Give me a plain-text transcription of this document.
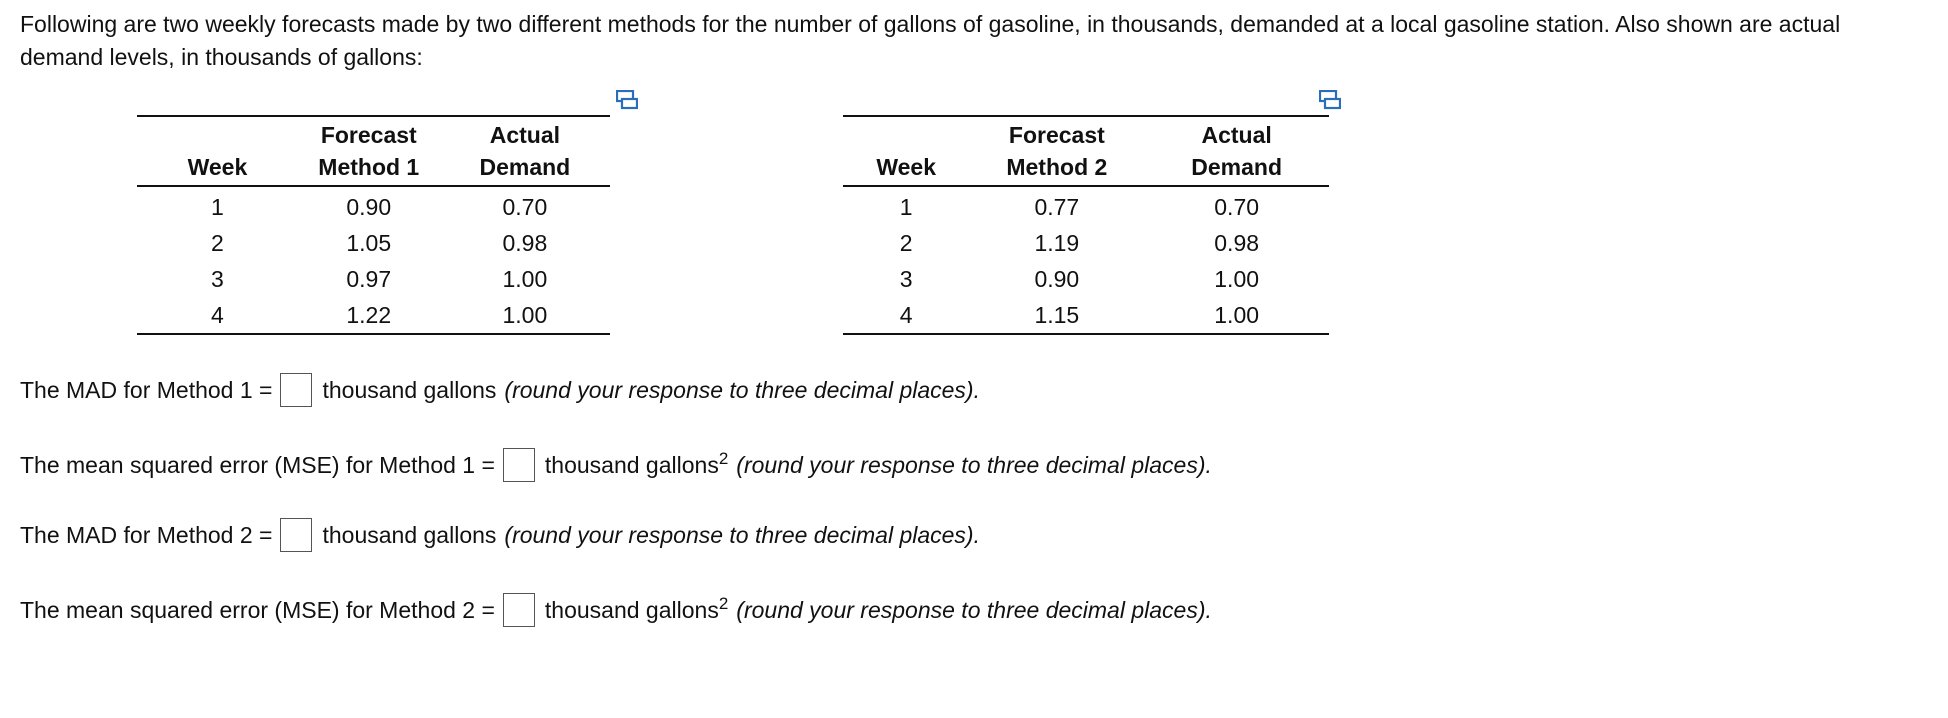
Following are two weekly forecasts made by two different methods for the number of gallons of gasoline, in thousands, demanded at a local gasoline station. Also shown are actual demand levels, in thousands of gallons:

	Forecast	Actual
Week	Method 1	Demand
1	0.90	0.70
2	1.05	0.98
3	0.97	1.00
4	1.22	1.00
	Forecast	Actual
Week	Method 2	Demand
1	0.77	0.70
2	1.19	0.98
3	0.90	1.00
4	1.15	1.00
The MAD for Method 1 = thousand gallons (round your response to three decimal places).
The mean squared error (MSE) for Method 1 = thousand gallons$^2$ (round your response to three decimal places).
The MAD for Method 2 = thousand gallons (round your response to three decimal places).
The mean squared error (MSE) for Method 2 = thousand gallons$^2$ (round your response to three decimal places).
